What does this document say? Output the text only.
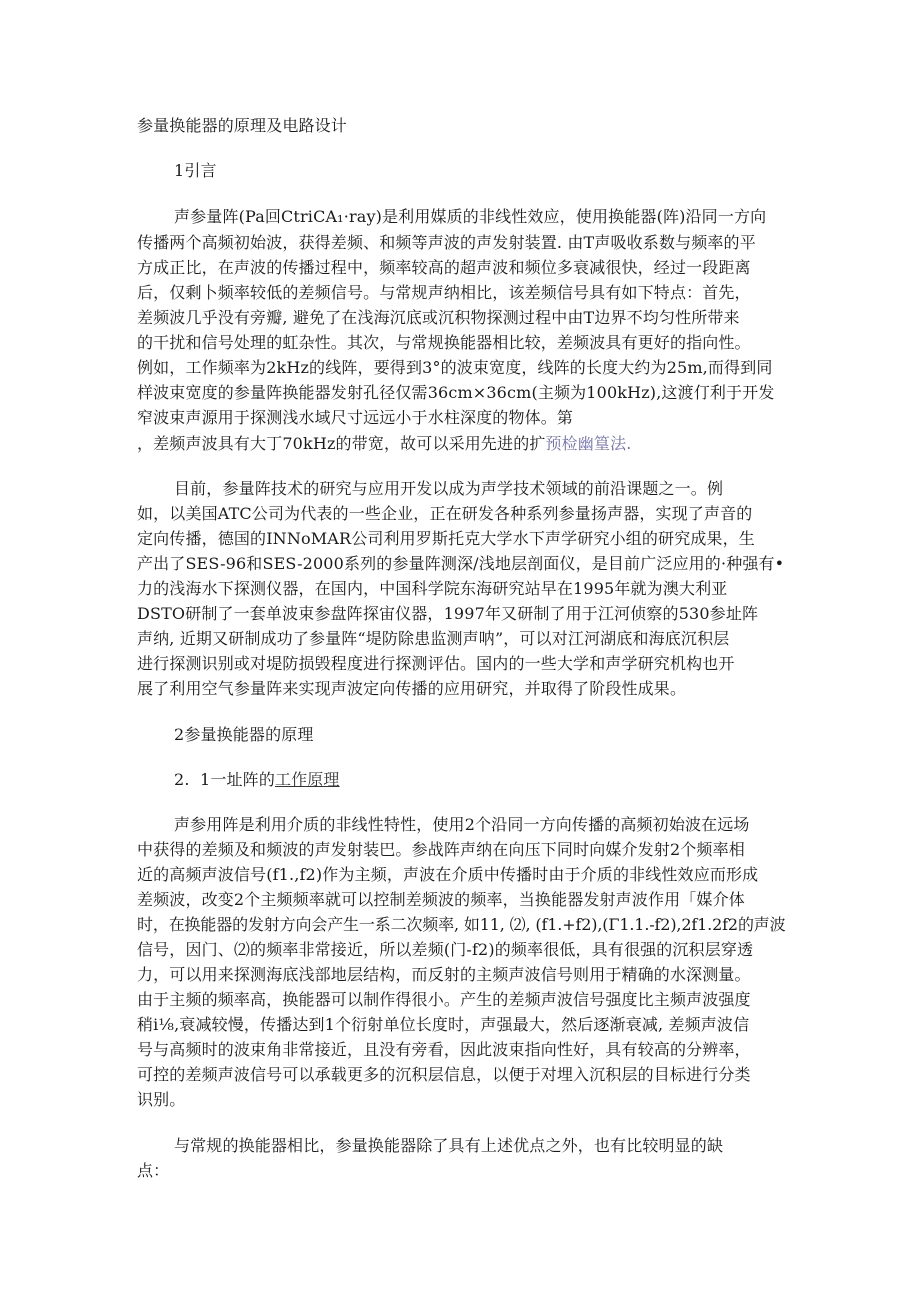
参量换能器的原理及电路设计
1引言
声参量阵(Pa回CtriCA₁·ray)是利用媒质的非线性效应，使用换能器(阵)沿同一方向
传播两个高频初始波，获得差频、和频等声波的声发射装置. 由T声吸收系数与频率的平
方成正比，在声波的传播过程中，频率较高的超声波和频位多衰减很快，经过一段距离
后，仅剩卜频率较低的差频信号。与常规声纳相比，该差频信号具有如下特点：首先，
差频波几乎没有旁瓣, 避免了在浅海沉底或沉积物探测过程中由T边界不均匀性所带来
的干扰和信号处理的虹杂性。其次，与常规换能器相比较，差频波具有更好的指向性。
例如，工作频率为2kHz的线阵，要得到3°的波束宽度，线阵的长度大约为25m,而得到同
样波束宽度的参量阵换能器发射孔径仅需36cm×36cm(主频为100kHz),这渡仃利于开发
窄波束声源用于探测浅水域尺寸远远小于水柱深度的物体。第
，差频声波具有大丁70kHz的带宽，故可以采用先进的扩预检幽篁法.
目前，参量阵技术的研究与应用开发以成为声学技术领域的前沿课题之一。例
如，以美国ATC公司为代表的一些企业，正在研发各种系列参量扬声器，实现了声音的
定向传播，德国的INNoMAR公司利用罗斯托克大学水下声学研究小组的研究成果，生
产出了SES-96和SES-2000系列的参量阵测深/浅地层剖面仪，是目前广泛应用的·种强有•
力的浅海水下探测仪器，在国内，中国科学院东海研究站早在1995年就为澳大利亚
DSTO研制了一套单波束参盘阵探宙仪器，1997年又研制了用于江河侦察的530参址阵
声纳, 近期又研制成功了参量阵“堤防除患监测声呐”，可以对江河湖底和海底沉积层
进行探测识别或对堤防损毁程度进行探测评估。国内的一些大学和声学研究机构也开
展了利用空气参量阵来实现声波定向传播的应用研究，并取得了阶段性成果。
2参量换能器的原理
2.  1一址阵的工作原理
声参用阵是利用介质的非线性特性，使用2个沿同一方向传播的高频初始波在远场
中获得的差频及和频波的声发射装巴。参战阵声纳在向压下同时向媒介发射2个频率相
近的高频声波信号(f1.,f2)作为主频，声波在介质中传播时由于介质的非线性效应而形成
差频波，改变2个主频频率就可以控制差频波的频率，当换能器发射声波作用「媒介体
时，在换能器的发射方向会产生一系二次频率, 如11, ⑵, (f1.+f2),(Γ1.1.-f2),2f1.2f2的声波
信号，因门、⑵的频率非常接近，所以差频(门-f2)的频率很低，具有很强的沉积层穿透
力，可以用来探测海底浅部地层结构，而反射的主频声波信号则用于精确的水深测量。
由于主频的频率高，换能器可以制作得很小。产生的差频声波信号强度比主频声波强度
稍i⅛,衰减较慢，传播达到1个衍射单位长度时，声强最大，然后逐渐衰减, 差频声波信
号与高频时的波束角非常接近，且没有旁看，因此波束指向性好，具有较高的分辨率，
可控的差频声波信号可以承载更多的沉积层信息，以便于对埋入沉积层的目标进行分类
识别。
与常规的换能器相比，参量换能器除了具有上述优点之外，也有比较明显的缺
点：
